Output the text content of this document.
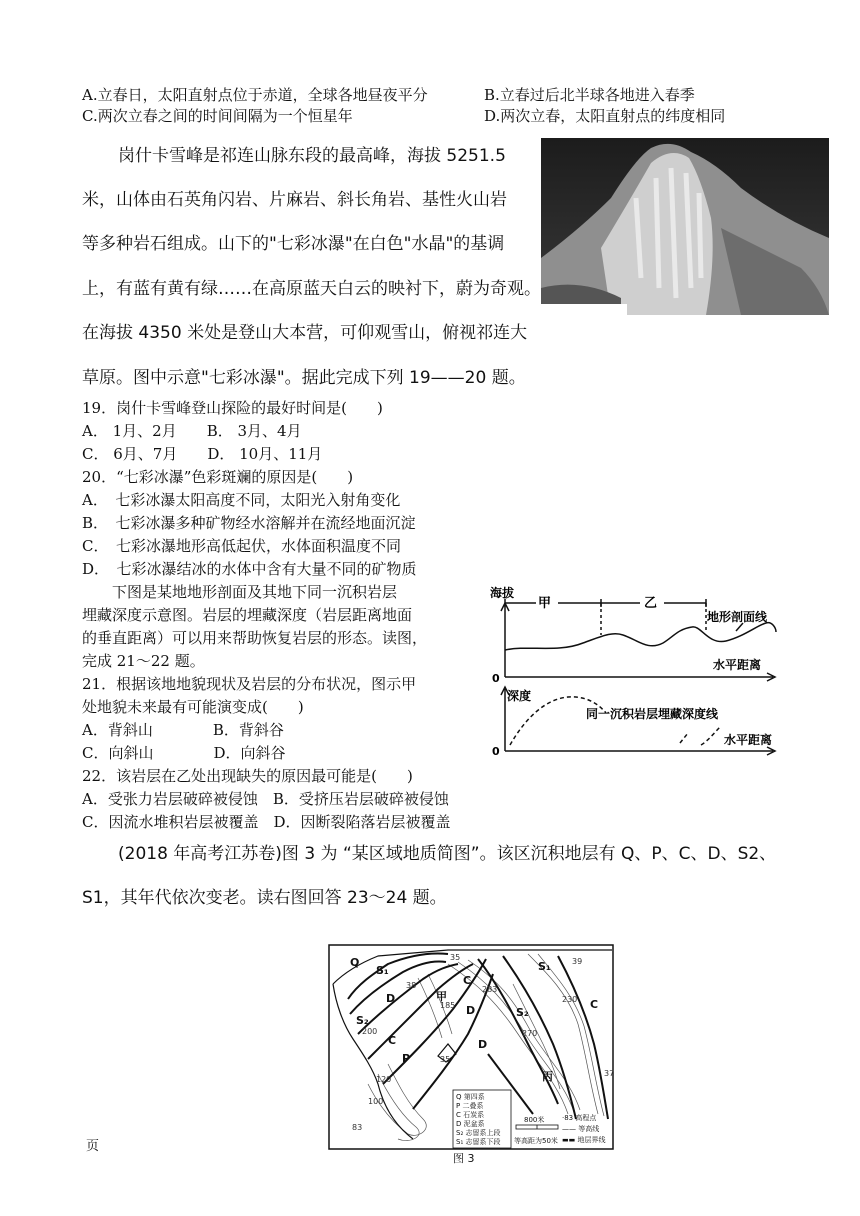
A.立春日，太阳直射点位于赤道，全球各地昼夜平分	B.立春过后北半球各地进入春季
C.两次立春之间的时间间隔为一个恒星年	D.两次立春，太阳直射点的纬度相同
岗什卡雪峰是祁连山脉东段的最高峰，海拔 5251.5
米，山体由石英角闪岩、片麻岩、斜长角岩、基性火山岩
等多种岩石组成。山下的"七彩冰瀑"在白色"水晶"的基调
上，有蓝有黄有绿……在高原蓝天白云的映衬下，蔚为奇观。
在海拔 4350 米处是登山大本营，可仰观雪山，俯视祁连大
草原。图中示意"七彩冰瀑"。据此完成下列 19——20 题。
19．岗什卡雪峰登山探险的最好时间是(　　)
A． 1月、2月　　B． 3月、4月
C． 6月、7月　　D． 10月、11月
20．“七彩冰瀑”色彩斑斓的原因是(　　)
A．　七彩冰瀑太阳高度不同，太阳光入射角变化
B．　七彩冰瀑多种矿物经水溶解并在流经地面沉淀
C．　七彩冰瀑地形高低起伏，水体面积温度不同
D．　七彩冰瀑结冰的水体中含有大量不同的矿物质
　　下图是某地地形剖面及其地下同一沉积岩层
埋藏深度示意图。岩层的埋藏深度（岩层距离地面
的垂直距离）可以用来帮助恢复岩层的形态。读图，
完成 21～22 题。
21．根据该地地貌现状及岩层的分布状况，图示甲
处地貌未来最有可能演变成(　　)
A．背斜山　　　　B．背斜谷
C．向斜山　　　　D．向斜谷
22．该岩层在乙处出现缺失的原因最可能是(　　)
A．受张力岩层破碎被侵蚀　B．受挤压岩层破碎被侵蚀
C．因流水堆积岩层被覆盖　D．因断裂陷落岩层被覆盖
海拔
甲	乙
地形剖面线
水平距离
0
深度
同一沉积岩层埋藏深度线
水平距离
0
(2018 年高考江苏卷)图 3 为 “某区域地质简图”。该区沉积地层有 Q、P、C、D、S2、
S1，其年代依次变老。读右图回答 23～24 题。
Q
S₁
D
S₂
C
P
C
D
D
S₁
S₂
C
甲
丙
35
38
185
283
230
270
39
37
35
120
100
83
200
Q 第四系
P 二叠系
C 石炭系
D 泥盆系
S₂ 志留系上段
S₁ 志留系下段
800米
等高距为50米
·83 高程点
—— 等高线
▬▬ 地层界线
图 3
页
